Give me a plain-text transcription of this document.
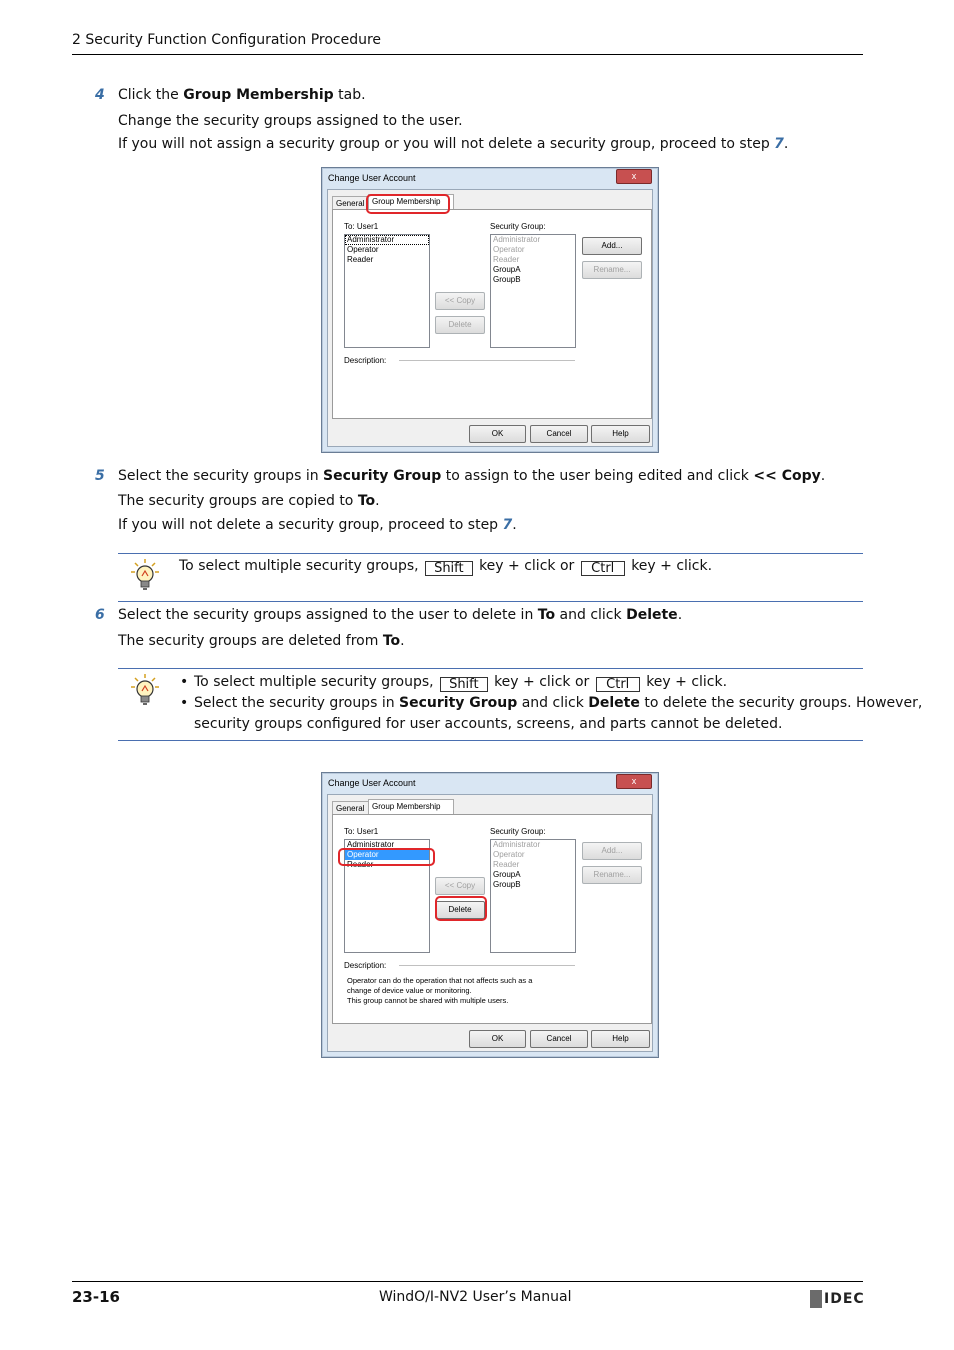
2 Security Function Configuration Procedure
4 Click the Group Membership tab.
Change the security groups assigned to the user.
If you will not assign a security group or you will not delete a security group, proceed to step 7.
Change User Account	x
General Group Membership
To: User1
Administrator
Operator
Reader
<< Copy
Delete
Security Group:
Administrator
Operator
Reader
GroupA
GroupB
Add...
Rename...
Description:
OK	Cancel	Help
5 Select the security groups in Security Group to assign to the user being edited and click << Copy.
The security groups are copied to To.
If you will not delete a security group, proceed to step 7.
To select multiple security groups, Shift key + click or Ctrl key + click.
6 Select the security groups assigned to the user to delete in To and click Delete.
The security groups are deleted from To.
• To select multiple security groups, Shift key + click or Ctrl key + click.
• Select the security groups in Security Group and click Delete to delete the security groups. However,
security groups configured for user accounts, screens, and parts cannot be deleted.
Change User Account	x
General Group Membership
To: User1
Administrator
Operator
Reader
<< Copy
Delete
Security Group:
Administrator
Operator
Reader
GroupA
GroupB
Add...
Rename...
Description:
Operator can do the operation that not affects such as a
change of device value or monitoring.
This group cannot be shared with multiple users.
OK	Cancel	Help
23-16	WindO/I-NV2 User’s Manual	IDEC
